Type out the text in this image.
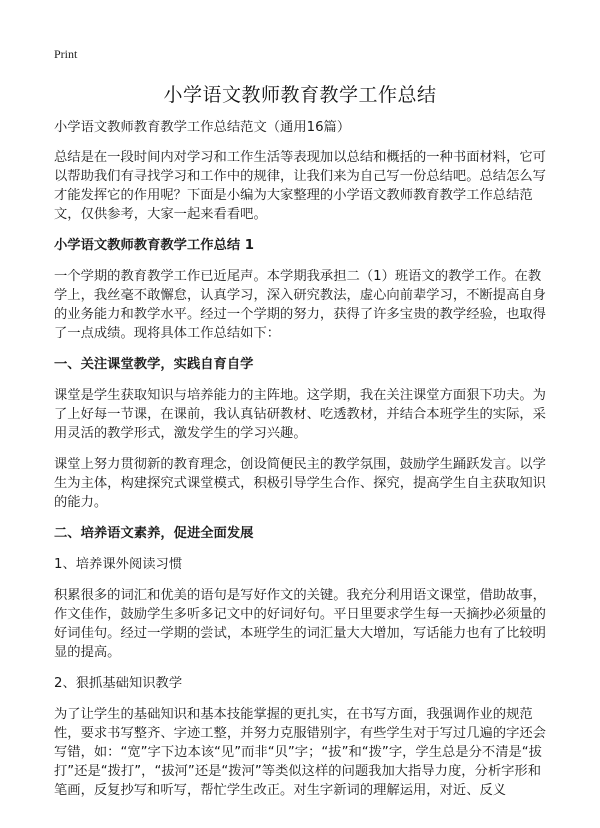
Print
小学语文教师教育教学工作总结

小学语文教师教育教学工作总结范文（通用16篇）

总结是在一段时间内对学习和工作生活等表现加以总结和概括的一种书面材料，它可以帮助我们有寻找学习和工作中的规律，让我们来为自己写一份总结吧。总结怎么写才能发挥它的作用呢？下面是小编为大家整理的小学语文教师教育教学工作总结范文，仅供参考，大家一起来看看吧。

小学语文教师教育教学工作总结 1

一个学期的教育教学工作已近尾声。本学期我承担二（1）班语文的教学工作。在教学上，我丝毫不敢懈怠，认真学习，深入研究教法，虚心向前辈学习，不断提高自身的业务能力和教学水平。经过一个学期的努力，获得了许多宝贵的教学经验，也取得了一点成绩。现将具体工作总结如下：

一、关注课堂教学，实践自育自学

课堂是学生获取知识与培养能力的主阵地。这学期，我在关注课堂方面狠下功夫。为了上好每一节课，在课前，我认真钻研教材、吃透教材，并结合本班学生的实际，采用灵活的教学形式，激发学生的学习兴趣。

课堂上努力贯彻新的教育理念，创设简便民主的教学氛围，鼓励学生踊跃发言。以学生为主体，构建探究式课堂模式，积极引导学生合作、探究，提高学生自主获取知识的能力。

二、培养语文素养，促进全面发展

1、培养课外阅读习惯

积累很多的词汇和优美的语句是写好作文的关键。我充分利用语文课堂，借助故事，作文佳作，鼓励学生多听多记文中的好词好句。平日里要求学生每一天摘抄必须量的好词佳句。经过一学期的尝试，本班学生的词汇量大大增加，写话能力也有了比较明显的提高。

2、狠抓基础知识教学

为了让学生的基础知识和基本技能掌握的更扎实，在书写方面，我强调作业的规范性，要求书写整齐、字迹工整，并努力克服错别字，有些学生对于写过几遍的字还会写错，如：“宽”字下边本该“见”而非“贝”字；“拔”和“拨”字，学生总是分不清是“拔打”还是“拨打”，“拔河”还是“拨河”等类似这样的问题我加大指导力度，分析字形和笔画，反复抄写和听写，帮忙学生改正。对生字新词的理解运用，对近、反义
